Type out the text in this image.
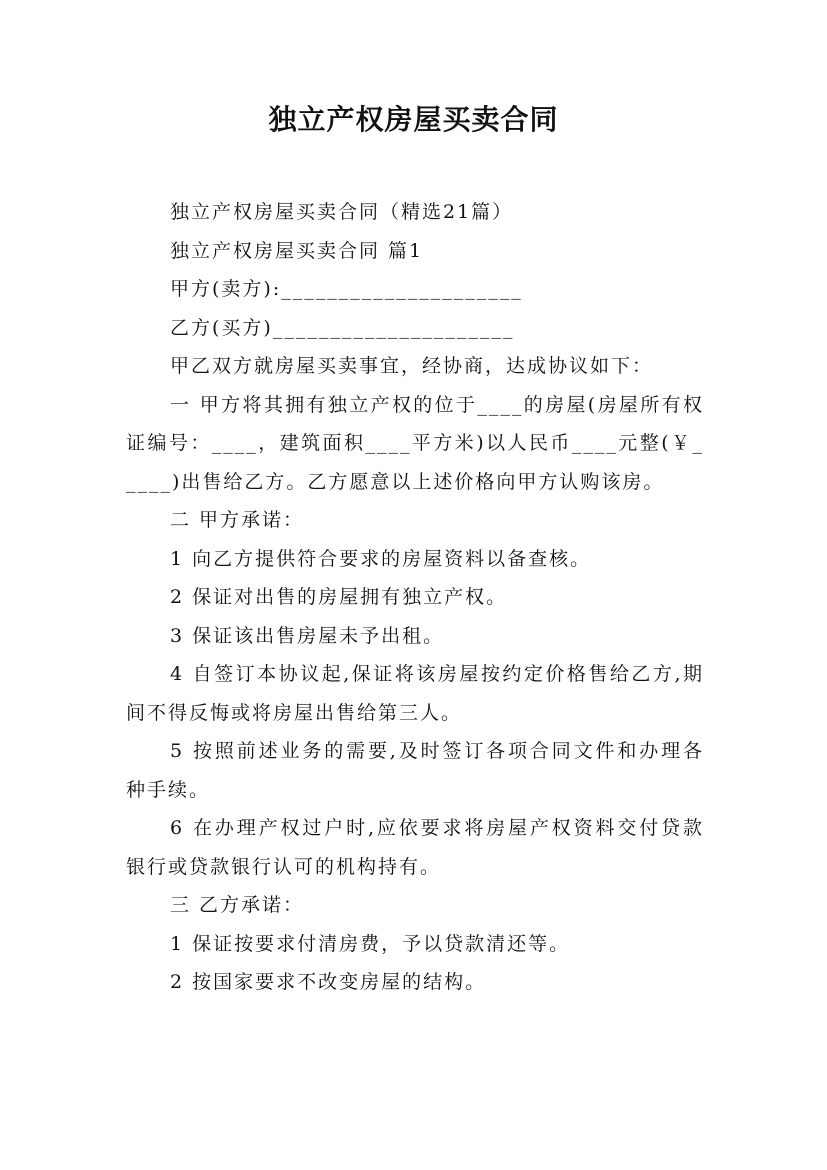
独立产权房屋买卖合同

独立产权房屋买卖合同（精选21篇）

独立产权房屋买卖合同 篇1

甲方(卖方):_____________________

乙方(买方)_____________________

甲乙双方就房屋买卖事宜，经协商，达成协议如下：

一 甲方将其拥有独立产权的位于____的房屋(房屋所有权证编号：____，建筑面积____平方米)以人民币____元整(￥_____)出售给乙方。乙方愿意以上述价格向甲方认购该房。

二 甲方承诺：

1 向乙方提供符合要求的房屋资料以备查核。

2 保证对出售的房屋拥有独立产权。

3 保证该出售房屋未予出租。

4 自签订本协议起,保证将该房屋按约定价格售给乙方,期间不得反悔或将房屋出售给第三人。

5 按照前述业务的需要,及时签订各项合同文件和办理各种手续。

6 在办理产权过户时,应依要求将房屋产权资料交付贷款银行或贷款银行认可的机构持有。

三 乙方承诺：

1 保证按要求付清房费，予以贷款清还等。

2 按国家要求不改变房屋的结构。
